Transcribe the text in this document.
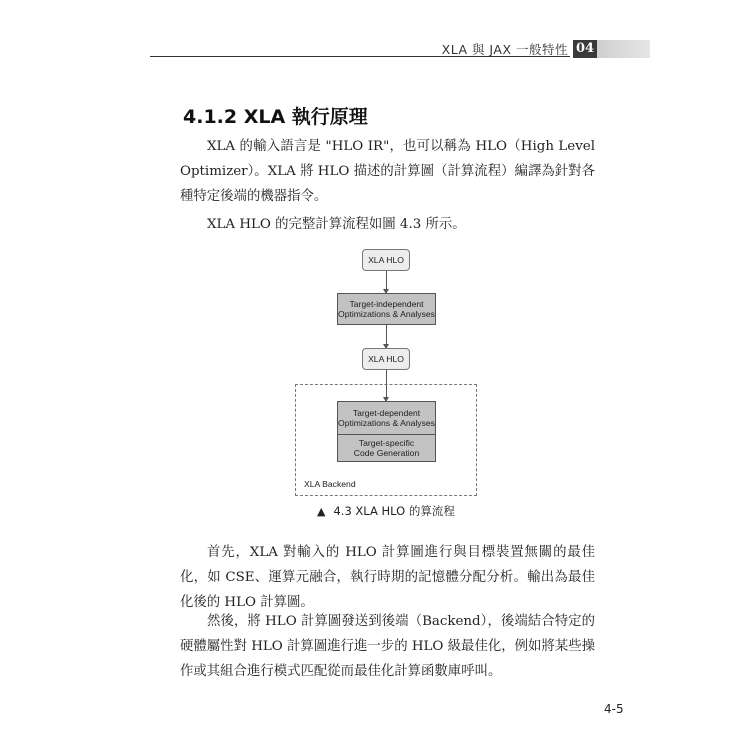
XLA 與 JAX 一般特性 04
4.1.2 XLA 執行原理

XLA 的輸入語言是 "HLO IR"，也可以稱為 HLO（High Level Optimizer）。XLA 將 HLO 描述的計算圖（計算流程）編譯為針對各種特定後端的機器指令。

XLA HLO 的完整計算流程如圖 4.3 所示。

XLA HLO
Target-independent
Optimizations & Analyses
XLA HLO
XLA Backend
Target-dependent
Optimizations & Analyses
Target-specific
Code Generation
▲ 4.3 XLA HLO 的算流程

首先，XLA 對輸入的 HLO 計算圖進行與目標裝置無關的最佳化，如 CSE、運算元融合，執行時期的記憶體分配分析。輸出為最佳化後的 HLO 計算圖。

然後，將 HLO 計算圖發送到後端（Backend），後端結合特定的硬體屬性對 HLO 計算圖進行進一步的 HLO 級最佳化，例如將某些操作或其組合進行模式匹配從而最佳化計算函數庫呼叫。

4-5
